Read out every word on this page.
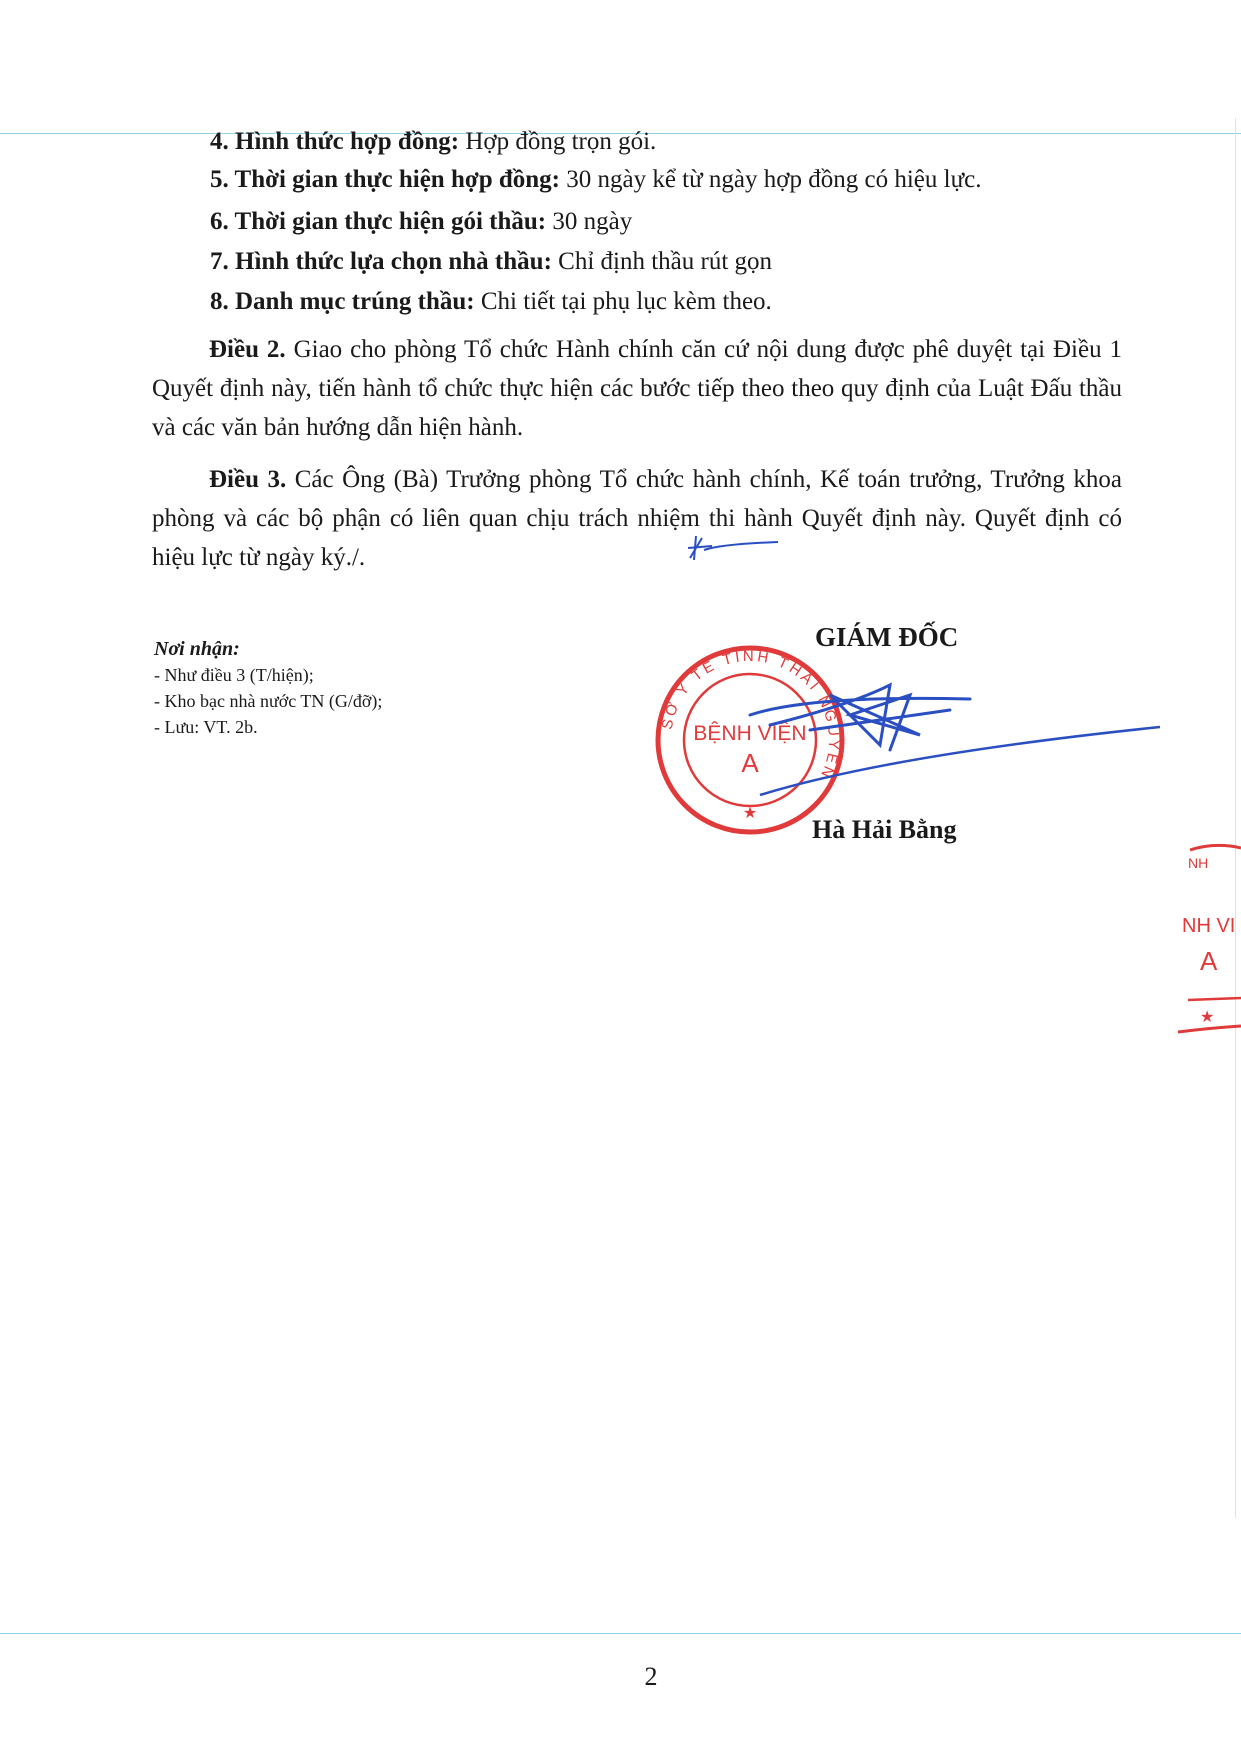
4. Hình thức hợp đồng: Hợp đồng trọn gói.
5. Thời gian thực hiện hợp đồng: 30 ngày kể từ ngày hợp đồng có hiệu lực.
6. Thời gian thực hiện gói thầu: 30 ngày
7. Hình thức lựa chọn nhà thầu: Chỉ định thầu rút gọn
8. Danh mục trúng thầu: Chi tiết tại phụ lục kèm theo.
Điều 2. Giao cho phòng Tổ chức Hành chính căn cứ nội dung được phê duyệt tại Điều 1 Quyết định này, tiến hành tổ chức thực hiện các bước tiếp theo theo quy định của Luật Đấu thầu và các văn bản hướng dẫn hiện hành.
Điều 3. Các Ông (Bà) Trưởng phòng Tổ chức hành chính, Kế toán trưởng, Trưởng khoa phòng và các bộ phận có liên quan chịu trách nhiệm thi hành Quyết định này. Quyết định có hiệu lực từ ngày ký./.
Nơi nhận:
- Như điều 3 (T/hiện);
- Kho bạc nhà nước TN (G/đỡ);
- Lưu: VT. 2b.
GIÁM ĐỐC
SỞ Y TẾ TỈNH THÁI NGUYÊN
BỆNH VIỆN
A
★
Hà Hải Bằng
NH
NH VI
A
★
2
